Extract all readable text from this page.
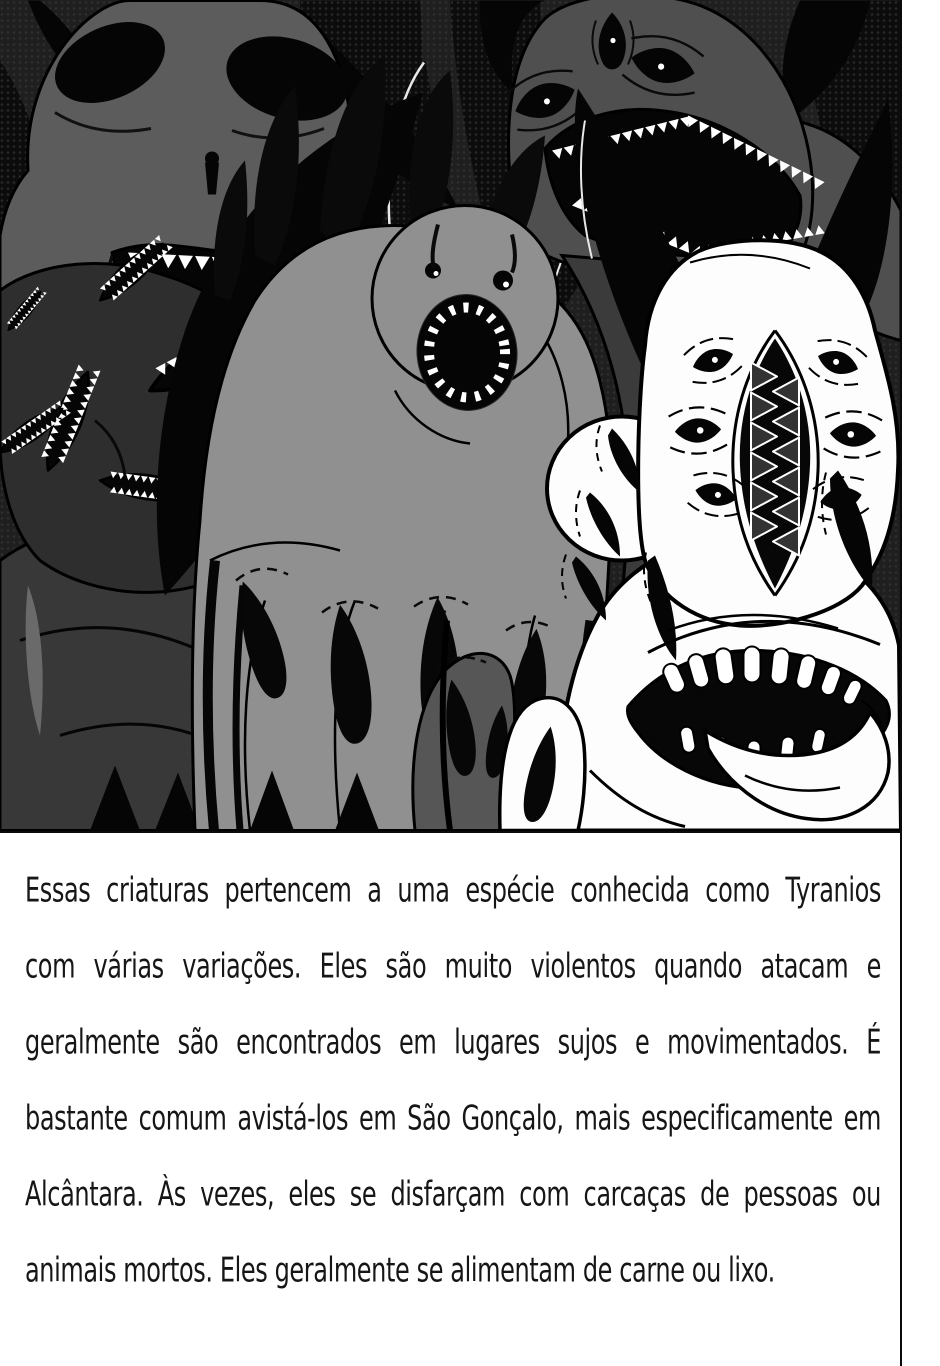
Essas criaturas pertencem a uma espécie conhecida como Tyranios
com várias variações. Eles são muito violentos quando atacam e
geralmente são encontrados em lugares sujos e movimentados. É
bastante comum avistá-los em São Gonçalo, mais especificamente em
Alcântara. Às vezes, eles se disfarçam com carcaças de pessoas ou
animais mortos. Eles geralmente se alimentam de carne ou lixo.
